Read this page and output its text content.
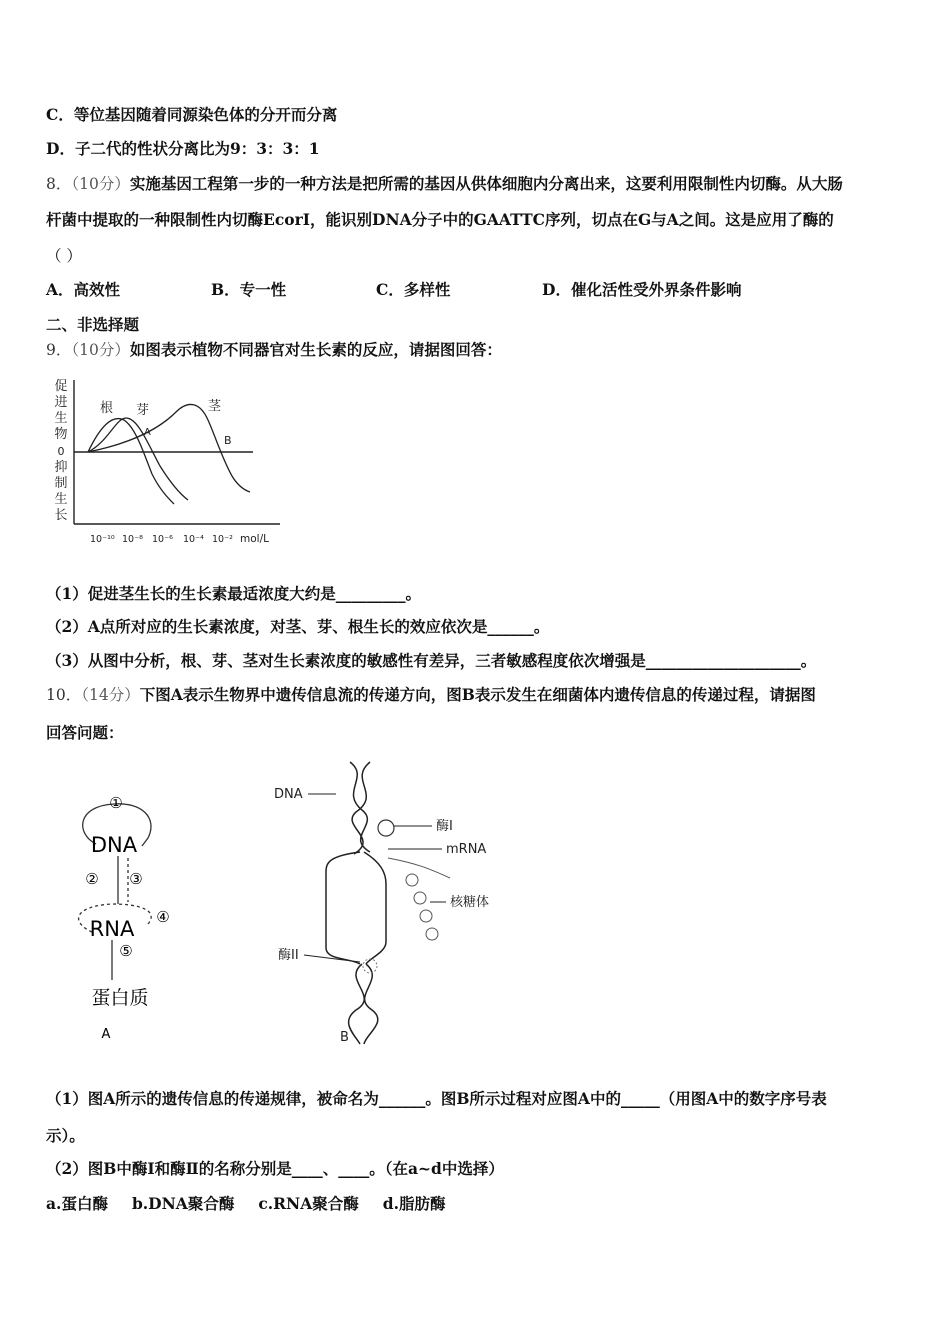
C．等位基因随着同源染色体的分开而分离
D．子二代的性状分离比为9：3：3：1
8．（10分）实施基因工程第一步的一种方法是把所需的基因从供体细胞内分离出来，这要利用限制性内切酶。从大肠
杆菌中提取的一种限制性内切酶EcorI，能识别DNA分子中的GAATTC序列，切点在G与A之间。这是应用了酶的
（ ）
A．高效性	B．专一性	C．多样性	D．催化活性受外界条件影响
二、非选择题
9．（10分）如图表示植物不同器官对生长素的反应，请据图回答：
促
进
生
物
0
抑
制
生
长
根 芽	茎
A
B
10⁻¹⁰ 10⁻⁸ 10⁻⁶ 10⁻⁴ 10⁻² mol/L
（1）促进茎生长的生长素最适浓度大约是_________。
（2）A点所对应的生长素浓度，对茎、芽、根生长的效应依次是______。
（3）从图中分析，根、芽、茎对生长素浓度的敏感性有差异，三者敏感程度依次增强是____________________。
10．（14分）下图A表示生物界中遗传信息流的传递方向，图B表示发生在细菌体内遗传信息的传递过程，请据图
回答问题：
①
DNA
② ③
④
RNA
⑤
蛋白质
A
DNA
酶I
mRNA
核糖体
酶II
B
（1）图A所示的遗传信息的传递规律，被命名为______。图B所示过程对应图A中的_____（用图A中的数字序号表
示）。
（2）图B中酶Ⅰ和酶Ⅱ的名称分别是____、____。（在a~d中选择）
a.蛋白酶 b.DNA聚合酶 c.RNA聚合酶 d.脂肪酶
